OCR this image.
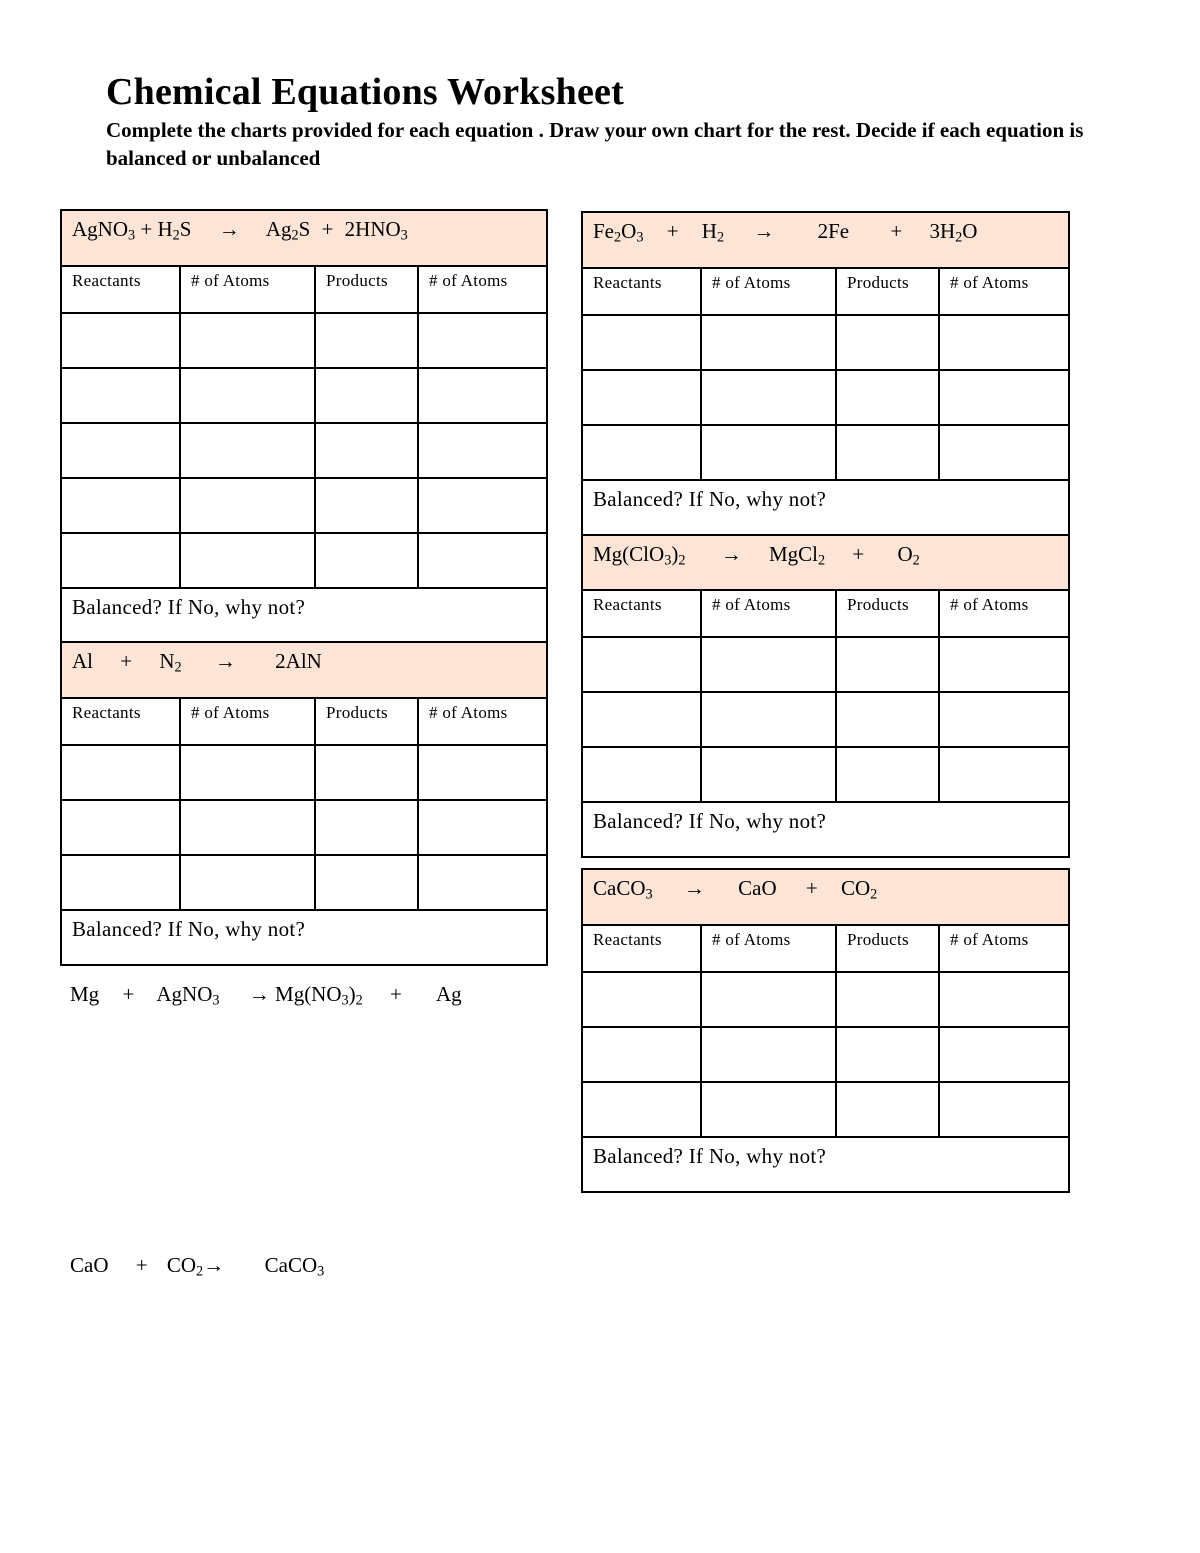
Chemical Equations Worksheet

Complete the charts provided for each equation . Draw your own chart for the rest. Decide if each equation is balanced or unbalanced

AgNO$_3$ + $H_2S \to Ag_2S + 2HNO_3$
Reactants	# of Atoms	Products	# of Atoms

Balanced? If No, why not?			
$Al + N_2 \to 2AlN$			
Reactants	# of Atoms	Products	# of Atoms

Balanced? If No, why not?			

Mg + AgNO$_3$ → $Mg(NO_3)_2 + Ag$

$Fe_2O_3 + H_2 \to 2Fe + 3H_2O$			
Reactants	# of Atoms	Products	# of Atoms

Balanced? If No, why not?			
$Mg(ClO_3)_2$ → MgCl$_2$ + $O_2$
Reactants	# of Atoms	Products	# of Atoms

Balanced? If No, why not?			
CaCO$_3$ → CaO + $CO_2$
Reactants	# of Atoms	Products	# of Atoms

Balanced? If No, why not?			

CaO + $CO_2\to$ CaCO$_3$
